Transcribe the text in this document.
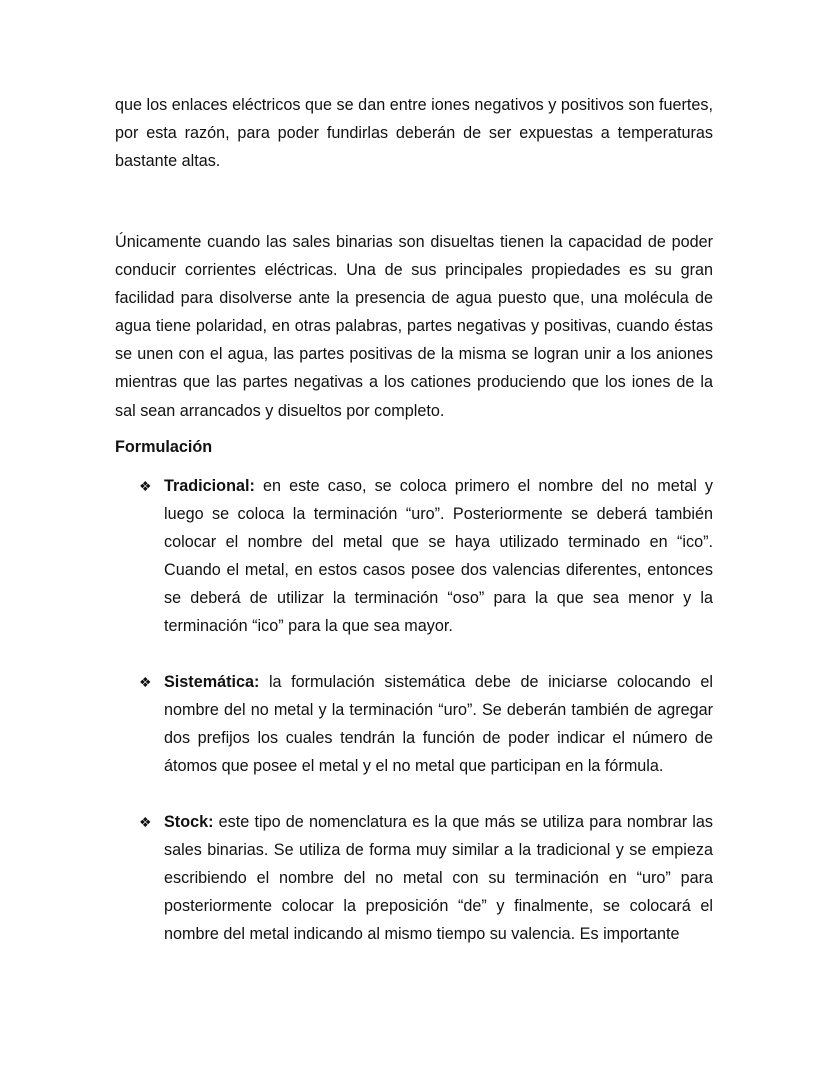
que los enlaces eléctricos que se dan entre iones negativos y positivos son fuertes, por esta razón, para poder fundirlas deberán de ser expuestas a temperaturas bastante altas.

Únicamente cuando las sales binarias son disueltas tienen la capacidad de poder conducir corrientes eléctricas. Una de sus principales propiedades es su gran facilidad para disolverse ante la presencia de agua puesto que, una molécula de agua tiene polaridad, en otras palabras, partes negativas y positivas, cuando éstas se unen con el agua, las partes positivas de la misma se logran unir a los aniones mientras que las partes negativas a los cationes produciendo que los iones de la sal sean arrancados y disueltos por completo.

Formulación

❖ Tradicional: en este caso, se coloca primero el nombre del no metal y luego se coloca la terminación “uro”. Posteriormente se deberá también colocar el nombre del metal que se haya utilizado terminado en “ico”. Cuando el metal, en estos casos posee dos valencias diferentes, entonces se deberá de utilizar la terminación “oso” para la que sea menor y la terminación “ico” para la que sea mayor.

❖ Sistemática: la formulación sistemática debe de iniciarse colocando el nombre del no metal y la terminación “uro”. Se deberán también de agregar dos prefijos los cuales tendrán la función de poder indicar el número de átomos que posee el metal y el no metal que participan en la fórmula.

❖ Stock: este tipo de nomenclatura es la que más se utiliza para nombrar las sales binarias. Se utiliza de forma muy similar a la tradicional y se empieza escribiendo el nombre del no metal con su terminación en “uro” para posteriormente colocar la preposición “de” y finalmente, se colocará el nombre del metal indicando al mismo tiempo su valencia. Es importante
